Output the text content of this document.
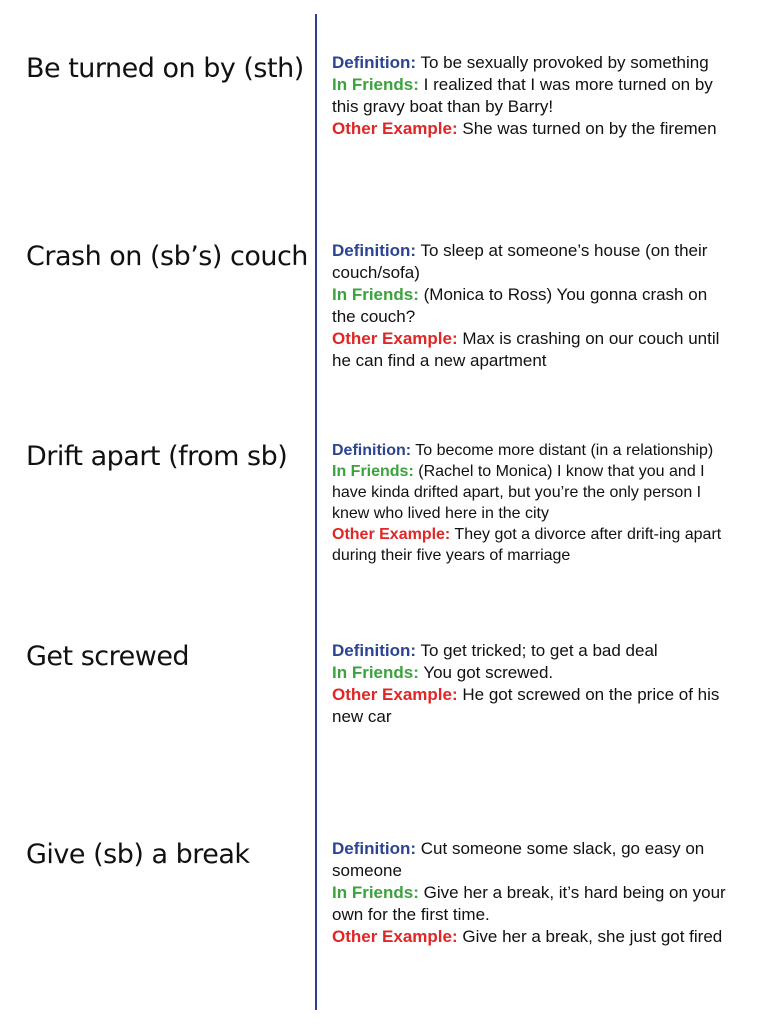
Be turned on by (sth)	Definition: To be sexually provoked by something
In Friends: I realized that I was more turned on by this gravy boat than by Barry!
Other Example: She was turned on by the firemen
Crash on (sb’s) couch Definition: To sleep at someone’s house (on their couch/sofa)
In Friends: (Monica to Ross) You gonna crash on the couch?
Other Example: Max is crashing on our couch until he can find a new apartment
Drift apart (from sb)	Definition: To become more distant (in a relationship)
In Friends: (Rachel to Monica) I know that you and I have kinda drifted apart, but you’re the only person I knew who lived here in the city
Other Example: They got a divorce after drift-ing apart during their five years of marriage
Get screwed	Definition: To get tricked; to get a bad deal
In Friends: You got screwed.
Other Example: He got screwed on the price of his new car
Give (sb) a break	Definition: Cut someone some slack, go easy on someone
In Friends: Give her a break, it’s hard being on your own for the first time.
Other Example: Give her a break, she just got fired
